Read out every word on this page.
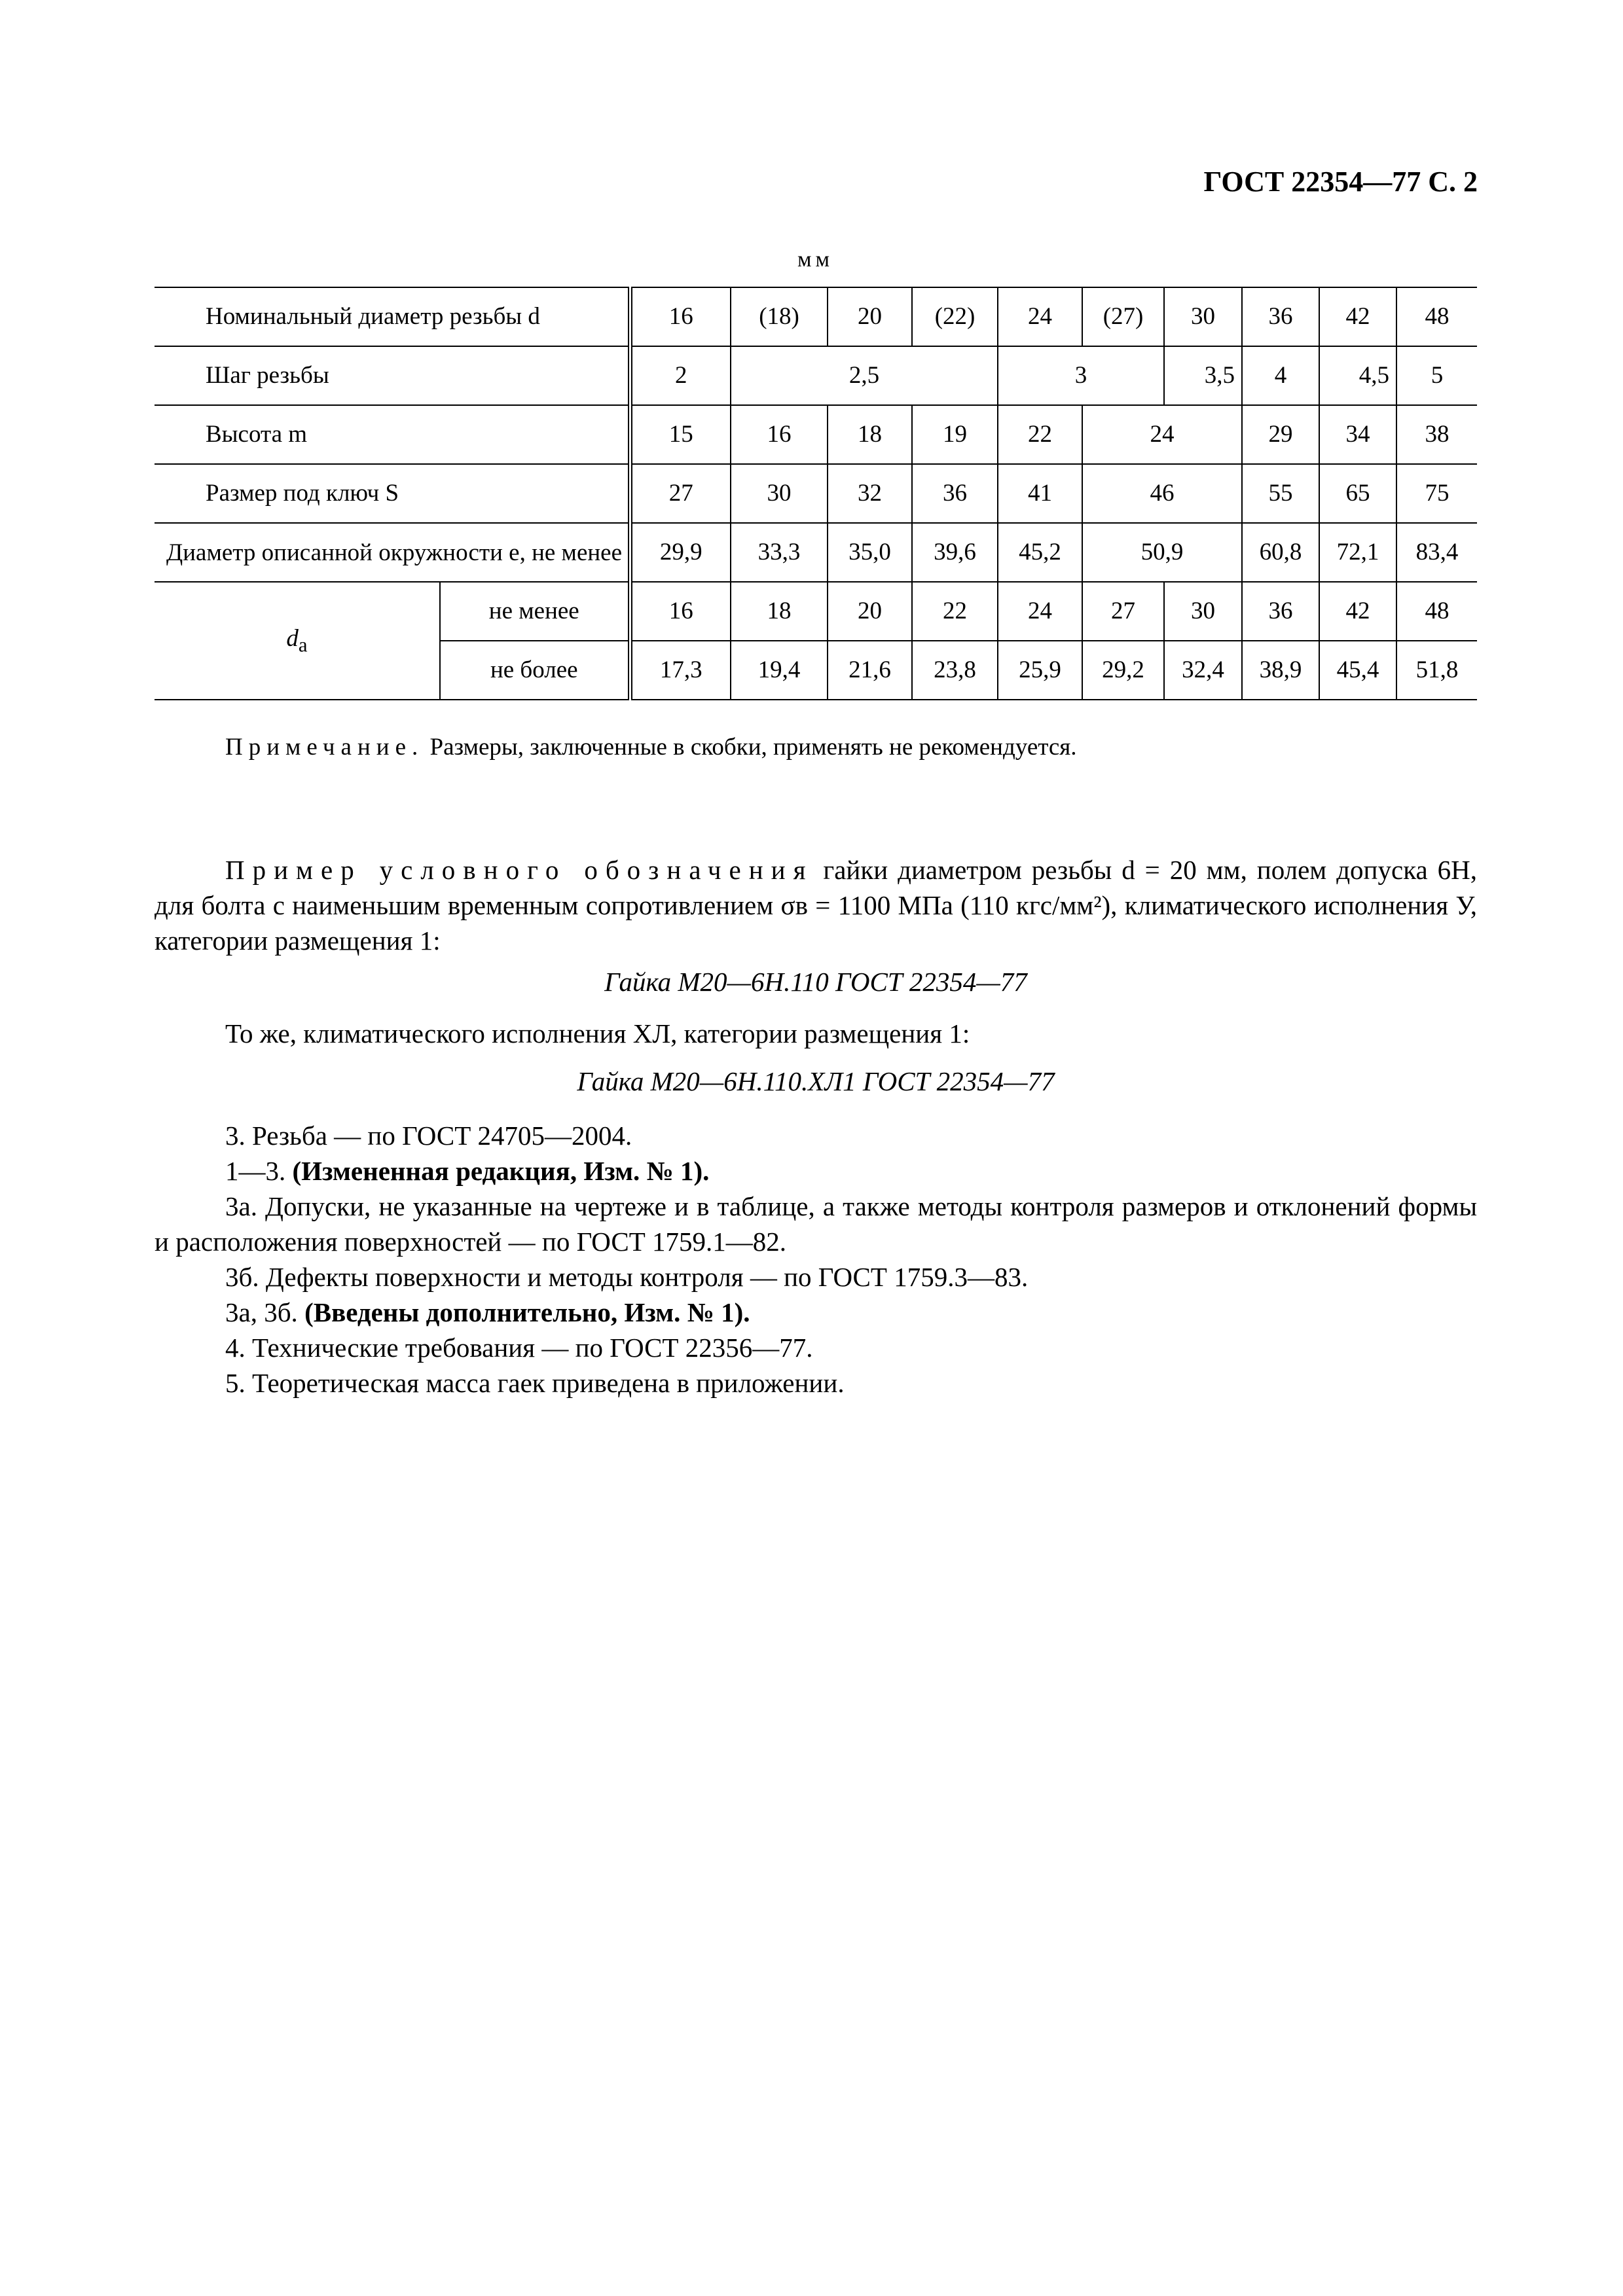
ГОСТ 22354—77 С. 2
мм
Номинальный диаметр резьбы d		16	(18)	20	(22)	24	(27)	30	36	42	48
Шаг резьбы		2	2,5			3		3,5	4	4,5	5
Высота m		15	16	18	19	22	24		29	34	38
Размер под ключ S		27	30	32	36	41	46		55	65	75
Диаметр описанной окружности e, не менее		29,9	33,3	35,0	39,6	45,2	50,9		60,8	72,1	83,4
$d_a$	не менее	16	18	20	22	24	27	30	36	42	48
	не более	17,3	19,4	21,6	23,8	25,9	29,2	32,4	38,9	45,4	51,8
Примечание. Размеры, заключенные в скобки, применять не рекомендуется.
Пример условного обозначения гайки диаметром резьбы d = 20 мм, полем допуска 6H, для болта с наименьшим временным сопротивлением σв = 1100 МПа (110 кгс/мм²), климатического исполнения У, категории размещения 1:
Гайка М20—6Н.110 ГОСТ 22354—77
То же, климатического исполнения ХЛ, категории размещения 1:
Гайка М20—6Н.110.ХЛ1 ГОСТ 22354—77
3. Резьба — по ГОСТ 24705—2004.
1—3. (Измененная редакция, Изм. № 1).
3а. Допуски, не указанные на чертеже и в таблице, а также методы контроля размеров и отклонений формы и расположения поверхностей — по ГОСТ 1759.1—82.
3б. Дефекты поверхности и методы контроля — по ГОСТ 1759.3—83.
3а, 3б. (Введены дополнительно, Изм. № 1).
4. Технические требования — по ГОСТ 22356—77.
5. Теоретическая масса гаек приведена в приложении.
